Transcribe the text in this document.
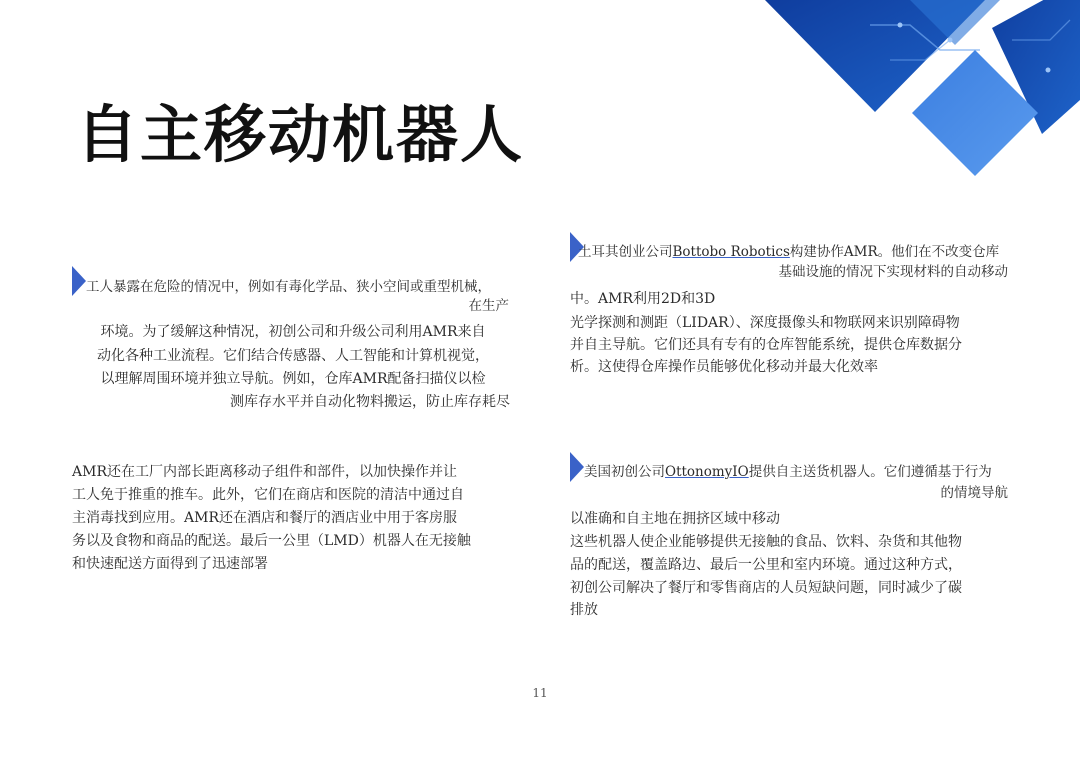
自主移动机器人

工人暴露在危险的情况中，例如有毒化学品、狭小空间或重型机械，

在生产

环境。为了缓解这种情况，初创公司和升级公司利用AMR来自

动化各种工业流程。它们结合传感器、人工智能和计算机视觉，

以理解周围环境并独立导航。例如，仓库AMR配备扫描仪以检

测库存水平并自动化物料搬运，防止库存耗尽

AMR还在工厂内部长距离移动子组件和部件，以加快操作并让

工人免于推重的推车。此外，它们在商店和医院的清洁中通过自

主消毒找到应用。AMR还在酒店和餐厅的酒店业中用于客房服

务以及食物和商品的配送。最后一公里（LMD）机器人在无接触

和快速配送方面得到了迅速部署

土耳其创业公司Bottobo Robotics构建协作AMR。他们在不改变仓库

基础设施的情况下实现材料的自动移动

中。AMR利用2D和3D

光学探测和测距（LIDAR）、深度摄像头和物联网来识别障碍物

并自主导航。它们还具有专有的仓库智能系统，提供仓库数据分

析。这使得仓库操作员能够优化移动并最大化效率

美国初创公司OttonomyIO提供自主送货机器人。它们遵循基于行为

的情境导航

以准确和自主地在拥挤区域中移动

这些机器人使企业能够提供无接触的食品、饮料、杂货和其他物

品的配送，覆盖路边、最后一公里和室内环境。通过这种方式，

初创公司解决了餐厅和零售商店的人员短缺问题，同时减少了碳

排放

11
